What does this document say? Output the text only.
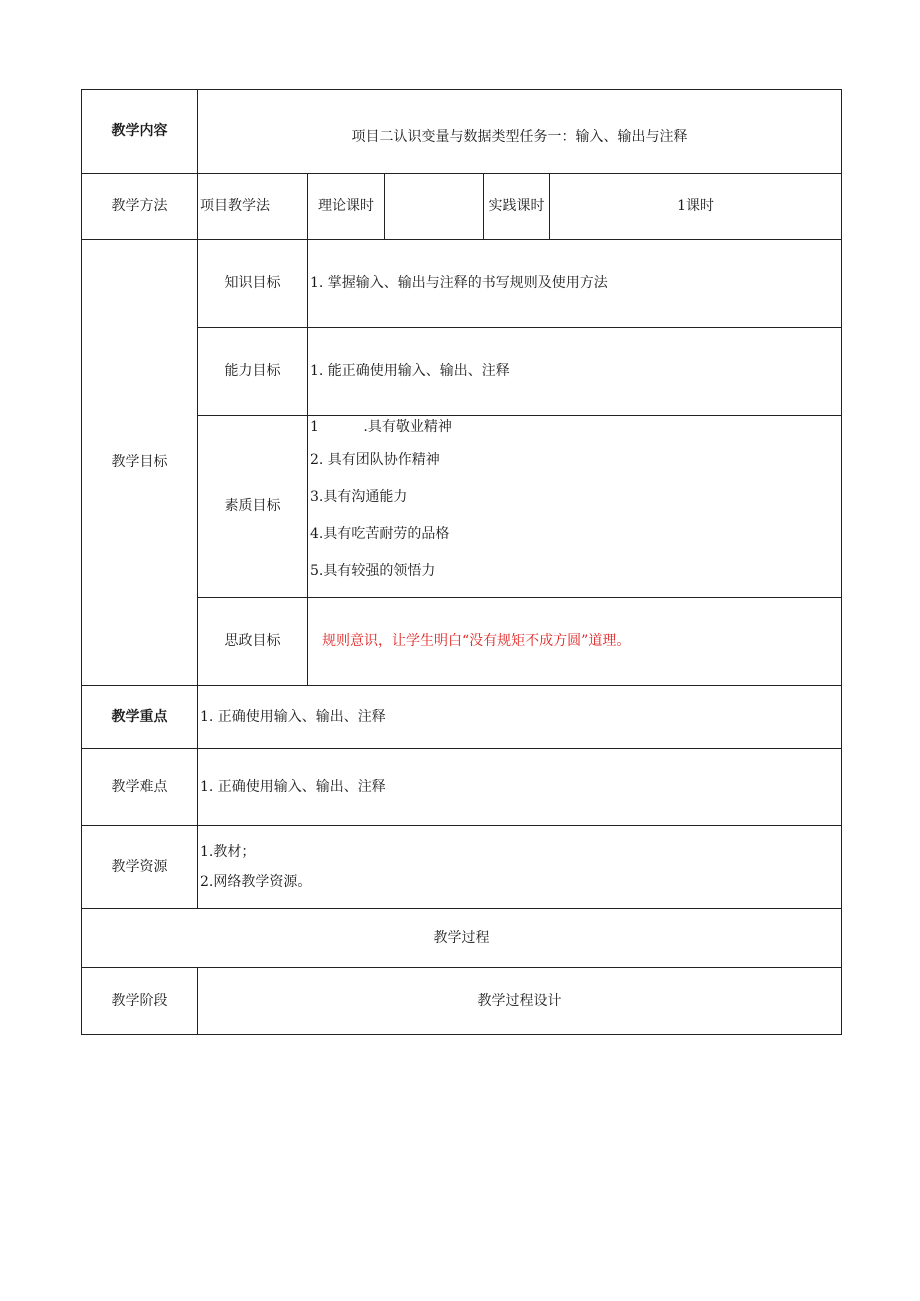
教学内容	项目二认识变量与数据类型任务一：输入、输出与注释				
教学方法	项目教学法	理论课时		实践课时	1课时
教学目标	知识目标	1. 掌握输入、输出与注释的书写规则及使用方法			
	能力目标	1. 能正确使用输入、输出、注释			
	素质目标	1          .具有敬业精神
2. 具有团队协作精神
3.具有沟通能力
4.具有吃苦耐劳的品格
5.具有较强的领悟力			

	思政目标	规则意识，让学生明白“没有规矩不成方圆”道理。			
教学重点	1. 正确使用输入、输出、注释				
教学难点	1. 正确使用输入、输出、注释				
教学资源	1.教材；
2.网络教学资源。				

教学过程					
教学阶段	教学过程设计				
